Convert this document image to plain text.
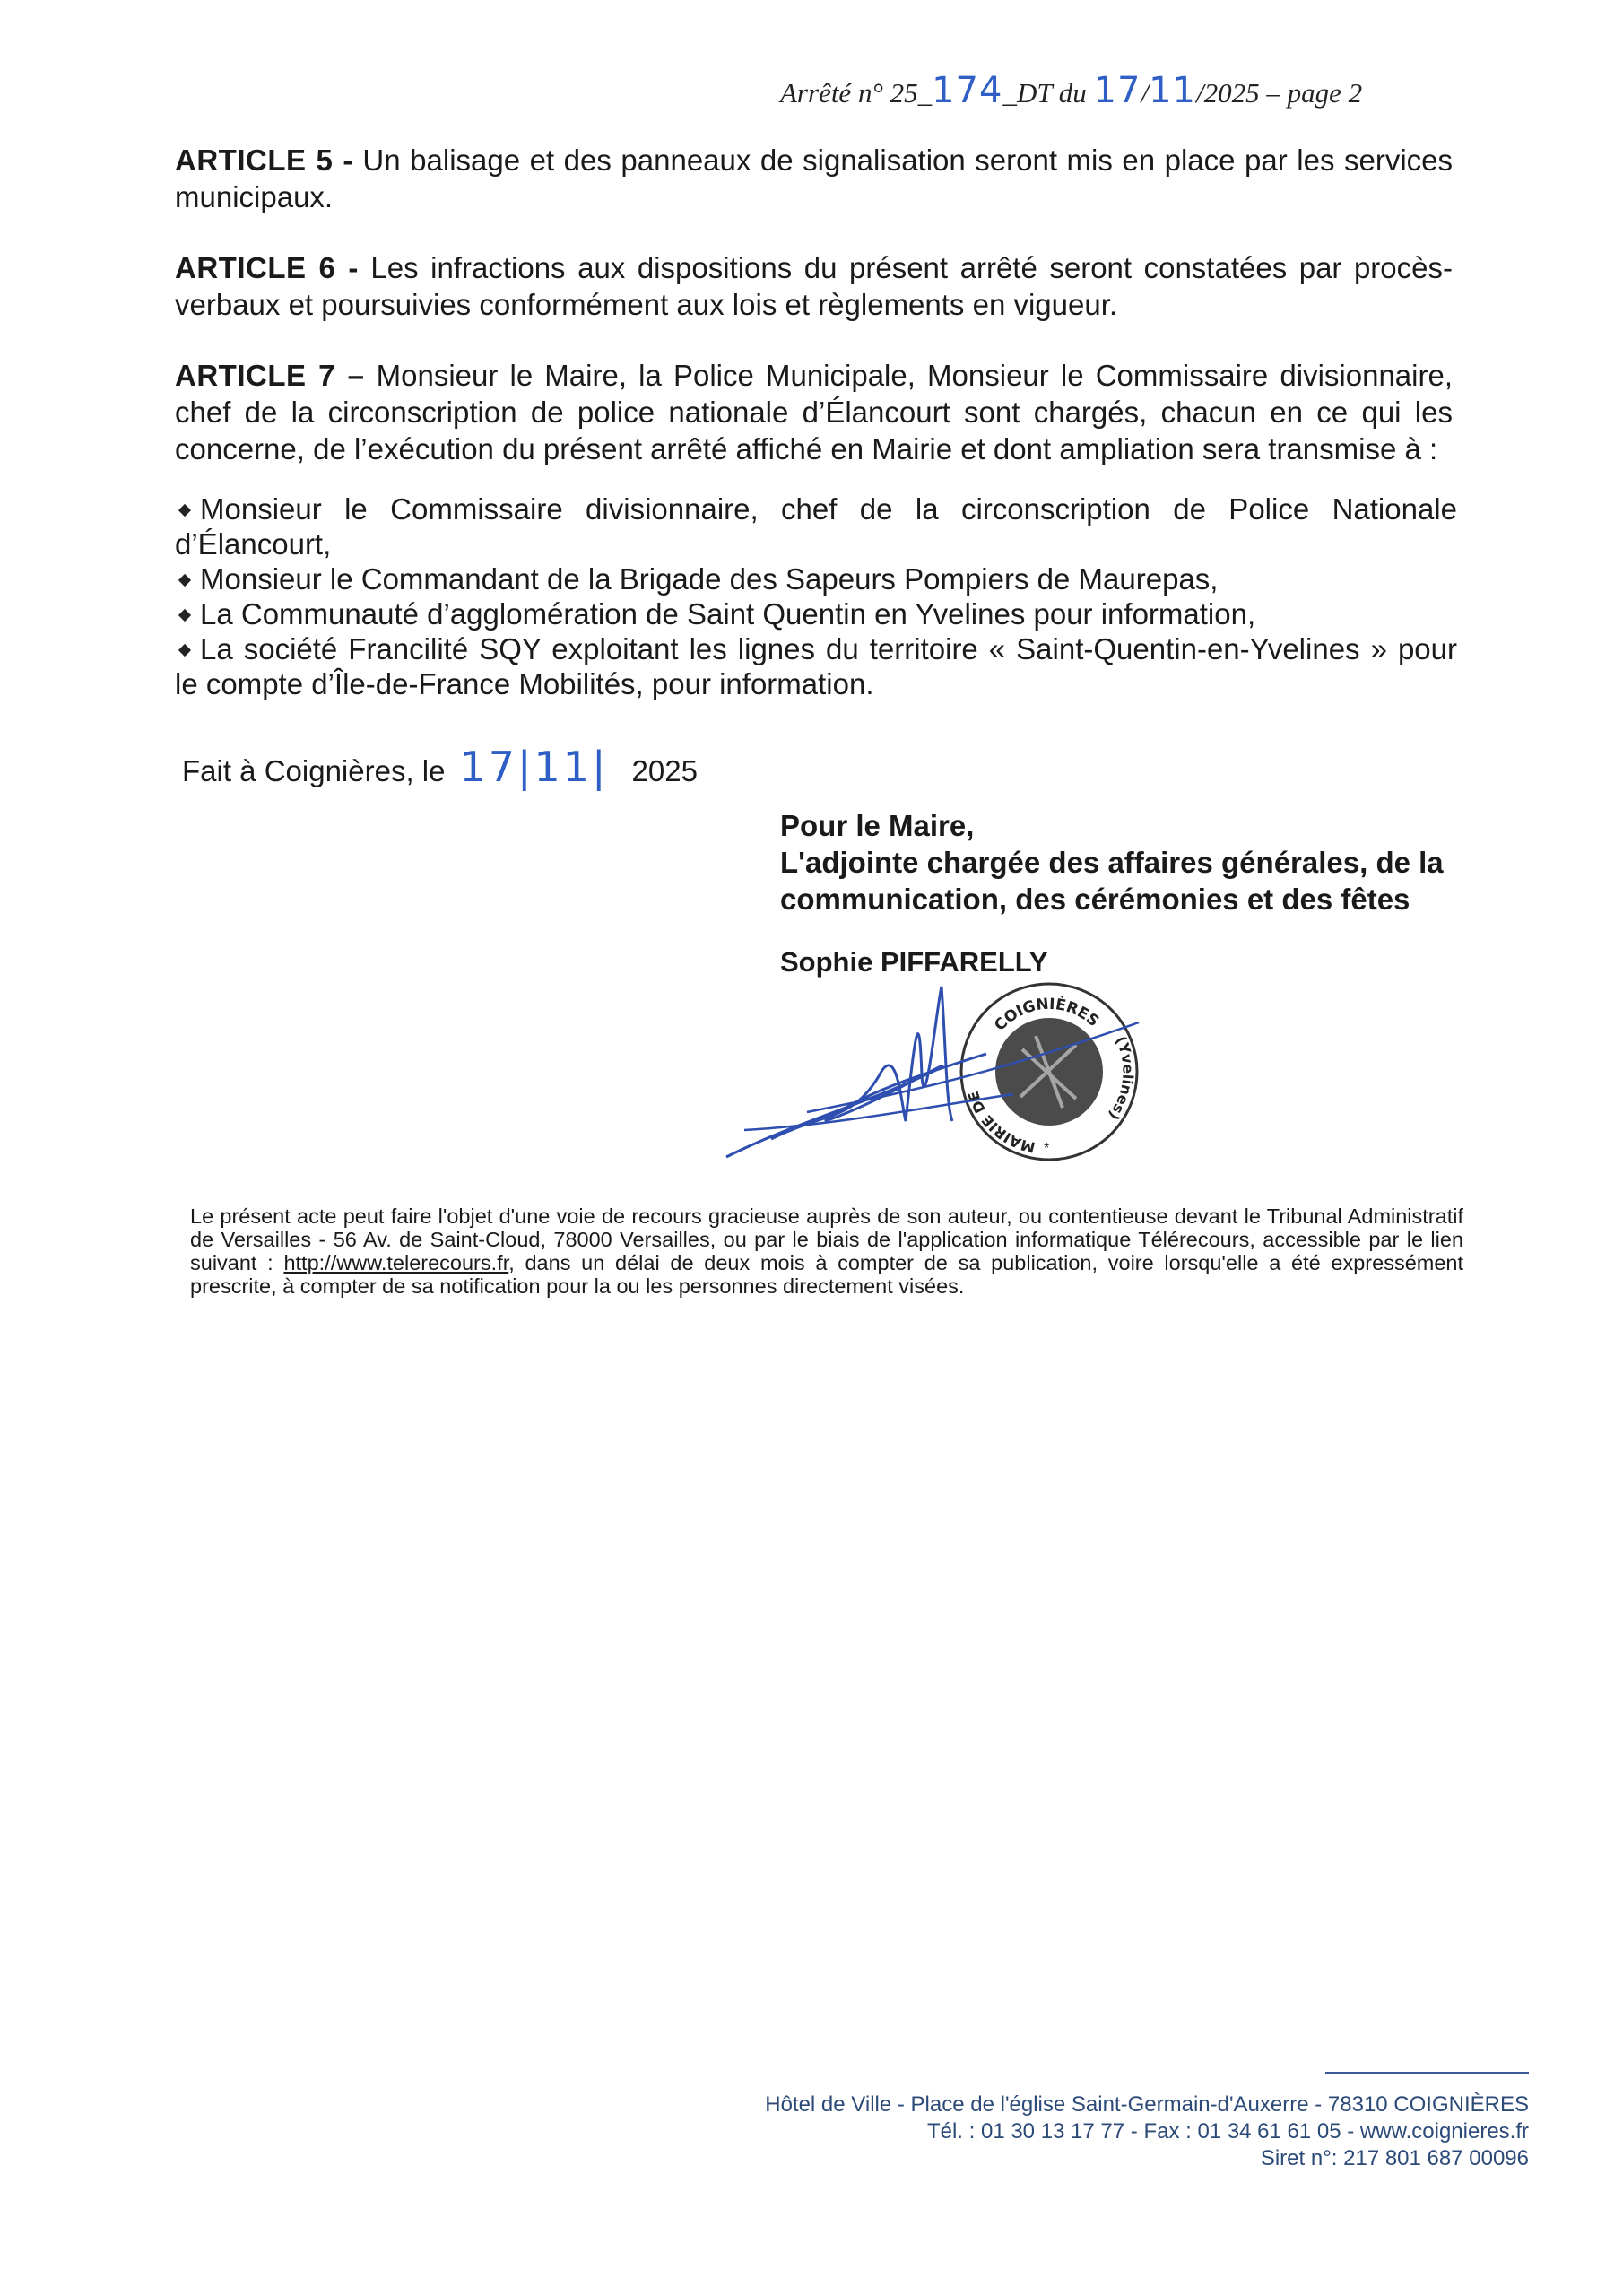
Arrêté n° 25_174_DT du 17/11/2025 – page 2
ARTICLE 5 - Un balisage et des panneaux de signalisation seront mis en place par les services municipaux.
ARTICLE 6 - Les infractions aux dispositions du présent arrêté seront constatées par procès-verbaux et poursuivies conformément aux lois et règlements en vigueur.
ARTICLE 7 – Monsieur le Maire, la Police Municipale, Monsieur le Commissaire divisionnaire, chef de la circonscription de police nationale d’Élancourt sont chargés, chacun en ce qui les concerne, de l’exécution du présent arrêté affiché en Mairie et dont ampliation sera transmise à :
Monsieur le Commissaire divisionnaire, chef de la circonscription de Police Nationale d’Élancourt,
Monsieur le Commandant de la Brigade des Sapeurs Pompiers de Maurepas,
La Communauté d’agglomération de Saint Quentin en Yvelines pour information,
La société Francilité SQY exploitant les lignes du territoire « Saint-Quentin-en-Yvelines » pour le compte d’Île-de-France Mobilités, pour information.
Fait à Coignières, le 17|11| 2025
Pour le Maire,
L'adjointe chargée des affaires générales, de la communication, des cérémonies et des fêtes
Sophie PIFFARELLY
COIGNIÈRES
MAIRIE DE
(Yvelines)
*
Le présent acte peut faire l'objet d'une voie de recours gracieuse auprès de son auteur, ou contentieuse devant le Tribunal Administratif de Versailles - 56 Av. de Saint-Cloud, 78000 Versailles, ou par le biais de l'application informatique Télérecours, accessible par le lien suivant : http://www.telerecours.fr, dans un délai de deux mois à compter de sa publication, voire lorsqu'elle a été expressément prescrite, à compter de sa notification pour la ou les personnes directement visées.
Hôtel de Ville - Place de l'église Saint-Germain-d'Auxerre - 78310 COIGNIÈRES
Tél. : 01 30 13 17 77 - Fax : 01 34 61 61 05 - www.coignieres.fr
Siret n°: 217 801 687 00096
